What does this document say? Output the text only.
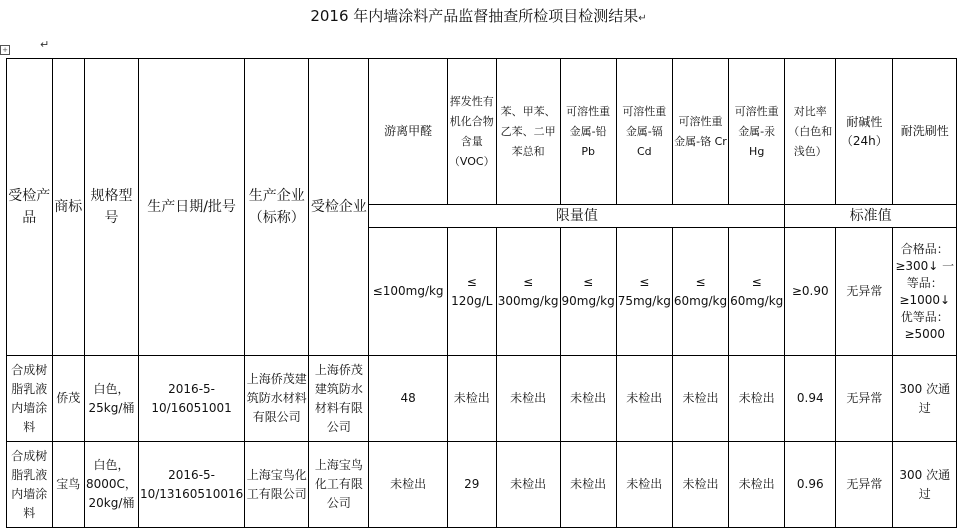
2016 年内墙涂料产品监督抽查所检项目检测结果↵
+	↵
受检产品	商标	规格型号	生产日期/批号	生产企业（标称）	受检企业	游离甲醛	挥发性有机化合物含量（VOC）	苯、甲苯、乙苯、二甲苯总和	可溶性重金属-铅 Pb	可溶性重金属-镉 Cd	可溶性重金属-铬 Cr	可溶性重金属-汞 Hg	对比率（白色和浅色）	耐碱性（24h）	耐洗刷性
						限量值							标准值		
						≤100mg/kg	≤ 120g/L	≤ 300mg/kg	≤ 90mg/kg	≤ 75mg/kg	≤ 60mg/kg	≤ 60mg/kg	≥0.90	无异常	合格品：≥300↓ 一等品：≥1000↓ 优等品：≥5000
合成树脂乳液内墙涂料	侨茂	白色，25kg/桶	2016-5-10/16051001	上海侨茂建筑防水材料有限公司	上海侨茂建筑防水材料有限公司	48	未检出	未检出	未检出	未检出	未检出	未检出	0.94	无异常	300 次通过
合成树脂乳液内墙涂料	宝鸟	白色，8000C，20kg/桶	2016-5-10/13160510016	上海宝鸟化工有限公司	上海宝鸟化工有限公司	未检出	29	未检出	未检出	未检出	未检出	未检出	0.96	无异常	300 次通过
